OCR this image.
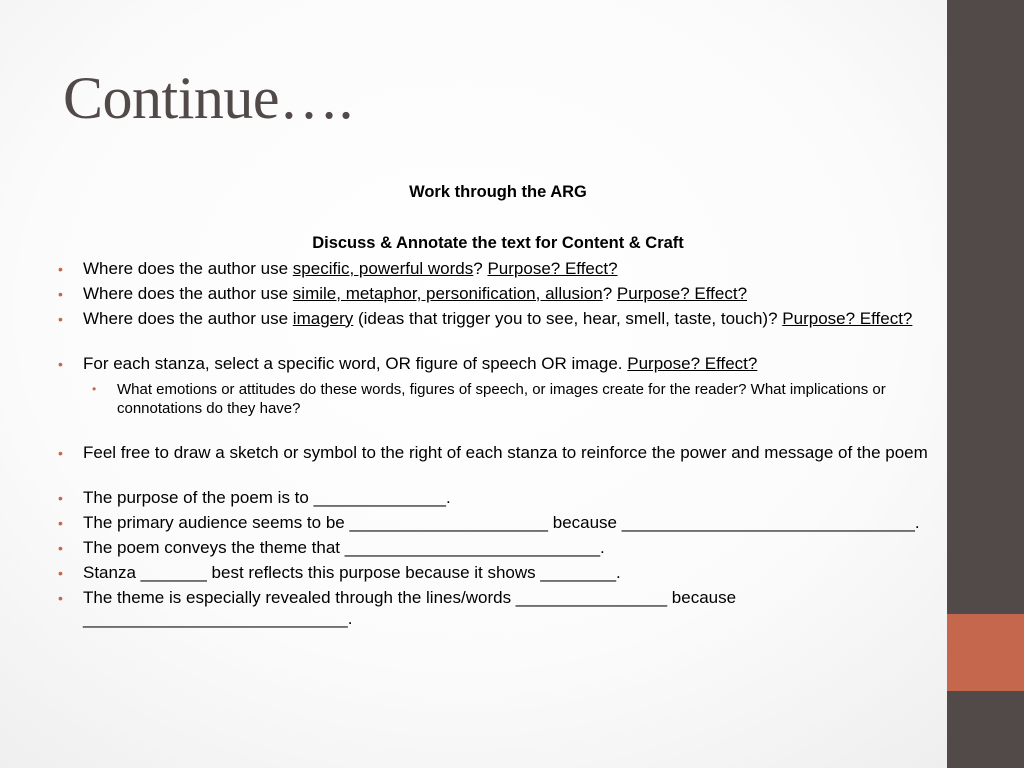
Continue….
Work through the ARG
Discuss & Annotate the text for Content & Craft
• Where does the author use specific, powerful words? Purpose? Effect?
• Where does the author use simile, metaphor, personification, allusion? Purpose? Effect?
• Where does the author use imagery (ideas that trigger you to see, hear, smell, taste, touch)? Purpose? Effect?
• For each stanza, select a specific word, OR figure of speech OR image. Purpose? Effect?
• What emotions or attitudes do these words, figures of speech, or images create for the reader? What implications or connotations do they have?
• Feel free to draw a sketch or symbol to the right of each stanza to reinforce the power and message of the poem
• The purpose of the poem is to ______________.
• The primary audience seems to be _____________________ because _______________________________.
• The poem conveys the theme that ___________________________.
• Stanza _______ best reflects this purpose because it shows ________.
• The theme is especially revealed through the lines/words ________________ because ____________________________.
